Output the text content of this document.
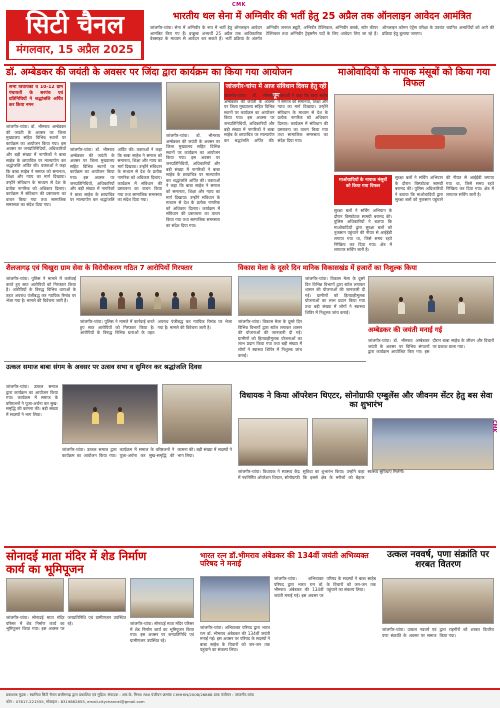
CMK
सिटी चैनल
मंगलवार, 15 अप्रैल 2025
भारतीय थल सेना में अग्निवीर की भर्ती हेतु 25 अप्रैल तक ऑनलाइन आवेदन आमंत्रित
जांजगीर-चांपा। सेना में अग्निवीर के रूप में भर्ती हेतु ऑनलाइन आवेदन आमंत्रित किए गए हैं। इच्छुक अभ्यर्थी 25 अप्रैल तक आधिकारिक वेबसाइट के माध्यम से आवेदन कर सकते हैं। भर्ती प्रक्रिया के अंतर्गत अग्निवीर जनरल ड्यूटी, अग्निवीर टेक्निकल, अग्निवीर क्लर्क, स्टोर कीपर टेक्निकल तथा अग्निवीर ट्रेड्समैन पदों के लिए आवेदन लिए जा रहे हैं। ऑनलाइन कॉमन एंट्रेंस परीक्षा के उपरांत चयनित अभ्यर्थियों को आगे की प्रक्रिया हेतु बुलाया जाएगा।
डॉ. अम्बेडकर की जयंती के अवसर पर जिंदा द्वारा कार्यक्रम का किया गया आयोजन
सभी विधायकों व 10-12 ग्राम पंचायतों के सरपंच एवं प्रतिनिधियों ने श्रद्धांजलि अर्पित कर किया नमन
जांजगीर-चांपा। डॉ. भीमराव अम्बेडकर की जयंती के अवसर पर जिला मुख्यालय सहित विभिन्न स्थानों पर कार्यक्रम का आयोजन किया गया। इस अवसर पर जनप्रतिनिधियों, अधिकारियों और बड़ी संख्या में नागरिकों ने बाबा साहेब के छायाचित्र पर माल्यार्पण कर श्रद्धांजलि अर्पित की। वक्ताओं ने कहा कि बाबा साहेब ने समाज को समानता, शिक्षा और न्याय का मार्ग दिखाया। उन्होंने संविधान के माध्यम से देश के प्रत्येक नागरिक को अधिकार दिलाए। कार्यक्रम में संविधान की प्रस्तावना का वाचन किया गया तथा सामाजिक समरसता का संदेश दिया गया।
जांजगीर-चांपा। डॉ. भीमराव अम्बेडकर की जयंती के अवसर पर जिला मुख्यालय सहित विभिन्न स्थानों पर कार्यक्रम का आयोजन किया गया। इस अवसर पर जनप्रतिनिधियों, अधिकारियों और बड़ी संख्या में नागरिकों ने बाबा साहेब के छायाचित्र पर माल्यार्पण कर श्रद्धांजलि अर्पित की। वक्ताओं ने कहा कि बाबा साहेब ने समाज को समानता, शिक्षा और न्याय का मार्ग दिखाया। उन्होंने संविधान के माध्यम से देश के प्रत्येक नागरिक को अधिकार दिलाए। कार्यक्रम में संविधान की प्रस्तावना का वाचन किया गया तथा सामाजिक समरसता का संदेश दिया गया।
जांजगीर-चांपा में आज संविधान दिवस हेतु रही धूम
जांजगीर-चांपा। डॉ. भीमराव अम्बेडकर की जयंती के अवसर पर जिला मुख्यालय सहित विभिन्न स्थानों पर कार्यक्रम का आयोजन किया गया। इस अवसर पर जनप्रतिनिधियों, अधिकारियों और बड़ी संख्या में नागरिकों ने बाबा साहेब के छायाचित्र पर माल्यार्पण कर श्रद्धांजलि अर्पित की। वक्ताओं ने कहा कि बाबा साहेब ने समाज को समानता, शिक्षा और न्याय का मार्ग दिखाया। उन्होंने संविधान के माध्यम से देश के प्रत्येक नागरिक को अधिकार दिलाए। कार्यक्रम में संविधान की प्रस्तावना का वाचन किया गया तथा सामाजिक समरसता का संदेश दिया गया।
जांजगीर-चांपा। डॉ. भीमराव अम्बेडकर की जयंती के अवसर पर जिला मुख्यालय सहित विभिन्न स्थानों पर कार्यक्रम का आयोजन किया गया। इस अवसर पर जनप्रतिनिधियों, अधिकारियों और बड़ी संख्या में नागरिकों ने बाबा साहेब के छायाचित्र पर माल्यार्पण कर श्रद्धांजलि अर्पित की। वक्ताओं ने कहा कि बाबा साहेब ने समाज को समानता, शिक्षा और न्याय का मार्ग दिखाया। उन्होंने संविधान के माध्यम से देश के प्रत्येक नागरिक को अधिकार दिलाए। कार्यक्रम में संविधान की प्रस्तावना का वाचन किया गया तथा सामाजिक समरसता का संदेश दिया गया।
माओवादियों के नापाक मंसूबों को किया गया विफल
माओवादियों के नापाक मंसूबों को किया गया विफल
सुरक्षा बलों ने सर्चिंग अभियान के दौरान विस्फोटक सामग्री बरामद की। पुलिस अधिकारियों ने बताया कि माओवादियों द्वारा सुरक्षा बलों को नुकसान पहुंचाने की नीयत से आईईडी लगाया गया था, जिसे समय रहते निष्क्रिय कर दिया गया। क्षेत्र में लगातार सर्चिंग जारी है।
सुरक्षा बलों ने सर्चिंग अभियान के दौरान विस्फोटक सामग्री बरामद की। पुलिस अधिकारियों ने बताया कि माओवादियों द्वारा सुरक्षा बलों को नुकसान पहुंचाने की नीयत से आईईडी लगाया गया था, जिसे समय रहते निष्क्रिय कर दिया गया। क्षेत्र में लगातार सर्चिंग जारी है।
शैलजागढ़ एवं चिखुरा ग्राम सेवा के विरोधीकरण गठित 7 आरोपियों गिरफ्तार
जांजगीर-चांपा। पुलिस ने मामले में कार्रवाई करते हुए सात आरोपियों को गिरफ्तार किया है। आरोपियों के विरुद्ध विभिन्न धाराओं के तहत अपराध पंजीबद्ध कर न्यायिक रिमांड पर भेजा गया है। मामले की विवेचना जारी है।
जांजगीर-चांपा। पुलिस ने मामले में कार्रवाई करते हुए सात आरोपियों को गिरफ्तार किया है। आरोपियों के विरुद्ध विभिन्न धाराओं के तहत अपराध पंजीबद्ध कर न्यायिक रिमांड पर भेजा गया है। मामले की विवेचना जारी है।
विकास मेला के दूसरे दिन मानिक विकासखंड में हजारों का निशुल्क किया
जांजगीर-चांपा। विकास मेला के दूसरे दिन विभिन्न विभागों द्वारा स्टॉल लगाकर शासन की योजनाओं की जानकारी दी गई। ग्रामीणों को हितग्राहीमूलक योजनाओं का लाभ प्रदान किया गया तथा बड़ी संख्या में लोगों ने स्वास्थ्य शिविर में निशुल्क जांच कराई।
जांजगीर-चांपा। विकास मेला के दूसरे दिन विभिन्न विभागों द्वारा स्टॉल लगाकर शासन की योजनाओं की जानकारी दी गई। ग्रामीणों को हितग्राहीमूलक योजनाओं का लाभ प्रदान किया गया तथा बड़ी संख्या में लोगों ने स्वास्थ्य शिविर में निशुल्क जांच कराई।
अम्बेडकर की जयंती मनाई गई
जांजगीर-चांपा। डॉ. भीमराव अम्बेडकर जयंती के अवसर पर विभिन्न संगठनों द्वारा कार्यक्रम आयोजित किए गए। इस दौरान बाबा साहेब के जीवन और विचारों पर प्रकाश डाला गया।
उत्कल समाज बाबा संगम के अवसर पर उत्सव सभा व सुमिरन कर श्रद्धांजलि दिवस
जांजगीर-चांपा। उत्कल समाज द्वारा कार्यक्रम का आयोजन किया गया। कार्यक्रम में समाज के वरिष्ठजनों ने पूजा-अर्चना कर सुख-समृद्धि की कामना की। बड़ी संख्या में सदस्यों ने भाग लिया।
जांजगीर-चांपा। उत्कल समाज द्वारा कार्यक्रम का आयोजन किया गया। कार्यक्रम में समाज के वरिष्ठजनों ने पूजा-अर्चना कर सुख-समृद्धि की कामना की। बड़ी संख्या में सदस्यों ने भाग लिया।
विधायक ने किया ऑपरेशन थिएटर, सोनोग्राफी एम्बुलेंस और जीवनम सेंटर हेतु बस सेवा का शुभारंभ
जांजगीर-चांपा। विधायक ने स्वास्थ्य केंद्र में नवनिर्मित ऑपरेशन थिएटर, सोनोग्राफी सुविधा का शुभारंभ किया। उन्होंने कहा कि इससे क्षेत्र के मरीजों को बेहतर स्वास्थ्य सुविधाएं मिलेंगी।
सोनादई माता मंदिर में शेड निर्माण कार्य का भूमिपूजन
जांजगीर-चांपा। सोनादई माता मंदिर परिसर में शेड निर्माण कार्य का भूमिपूजन किया गया। इस अवसर पर जनप्रतिनिधि एवं ग्रामीणजन उपस्थित रहे।	जांजगीर-चांपा। सोनादई माता मंदिर परिसर में शेड निर्माण कार्य का भूमिपूजन किया गया। इस अवसर पर जनप्रतिनिधि एवं ग्रामीणजन उपस्थित रहे।
भारत रत्न डॉ.भीमराव अंबेडकर की 134वीं जयंती अभिव्यक्त परिषद ने मनाई
जांजगीर-चांपा। अभिव्यक्त परिषद द्वारा भारत रत्न डॉ. भीमराव अंबेडकर की 134वीं जयंती मनाई गई। इस अवसर पर परिषद के सदस्यों ने बाबा साहेब के विचारों को जन-जन तक पहुंचाने का संकल्प लिया।
जांजगीर-चांपा। अभिव्यक्त परिषद द्वारा भारत रत्न डॉ. भीमराव अंबेडकर की 134वीं जयंती मनाई गई। इस अवसर पर परिषद के सदस्यों ने बाबा साहेब के विचारों को जन-जन तक पहुंचाने का संकल्प लिया।
उत्कल नववर्ष, पणा संक्रांति पर शरबत वितरण
जांजगीर-चांपा। उत्कल नववर्ष एवं पणा संक्रांति के अवसर पर समाज द्वारा राहगीरों को शरबत वितरित किया गया।
CMK
प्रकाशक मुद्रक : स्वामित्व सिटी चैनल छत्तीसगढ़ द्वारा प्रकाशित एवं मुद्रित। संपादक : आर.के. मिश्रा। RNI पंजीयन क्रमांक CHHHIN/2008/26868 डाक पंजीयन : जांजगीर-चांपा
फोन : 07817-221555, मोबाइल : 8319862855, email-citychannel@gmail.com
